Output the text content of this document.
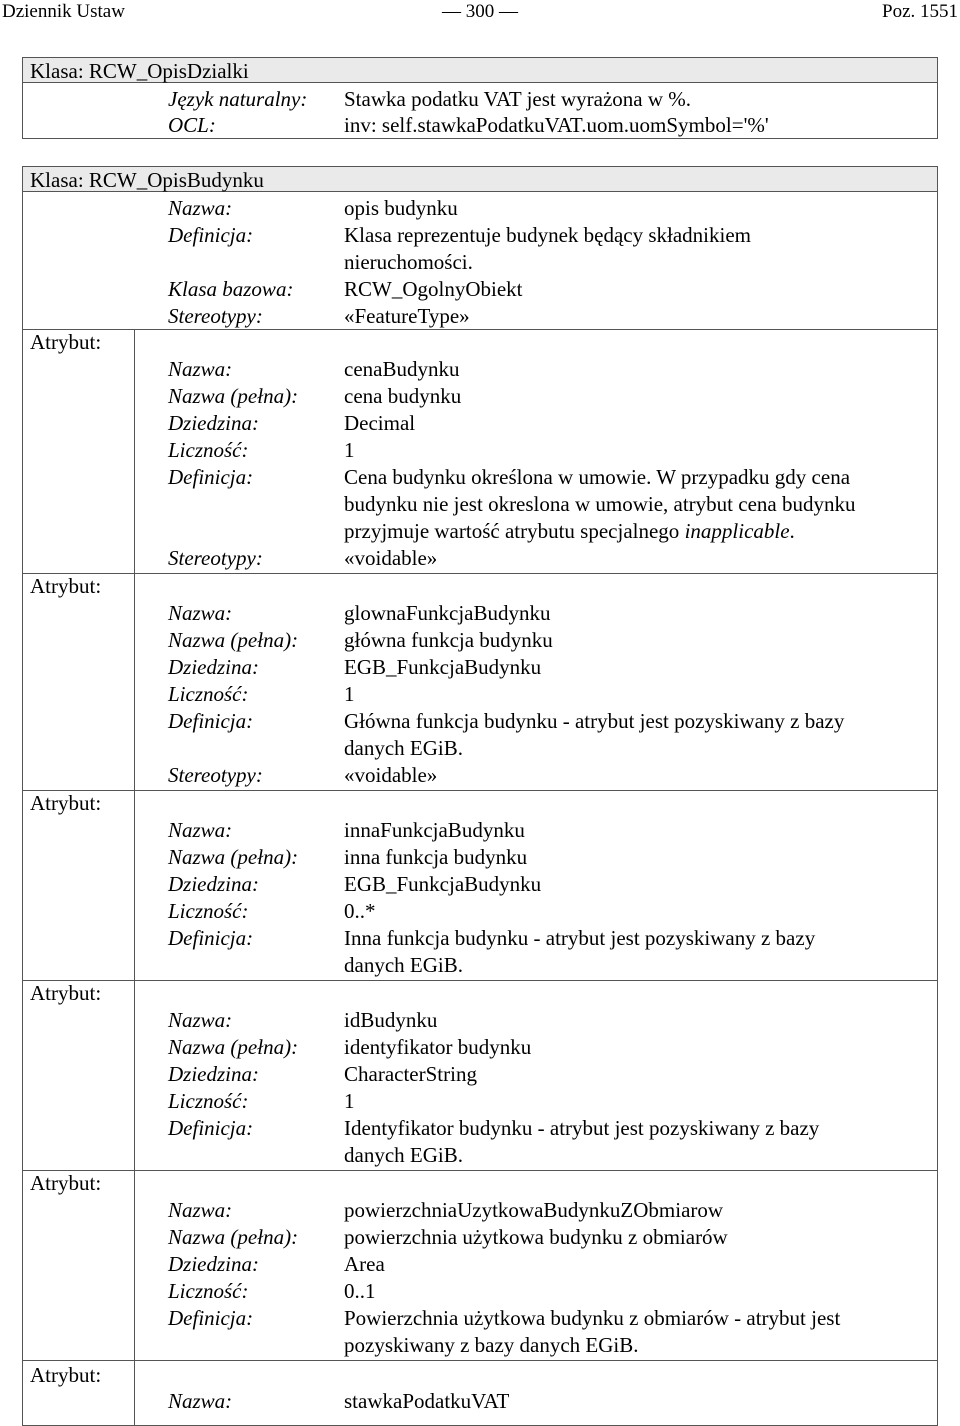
Dziennik Ustaw	— 300 —	Poz. 1551
Klasa: RCW_OpisDzialki
Język naturalny: Stawka podatku VAT jest wyrażona w %.
OCL:	inv: self.stawkaPodatkuVAT.uom.uomSymbol='%'
Klasa: RCW_OpisBudynku
Nazwa:	opis budynku
Definicja:	Klasa reprezentuje budynek będący składnikiem
nieruchomości.
Klasa bazowa: RCW_OgolnyObiekt
Stereotypy:	«FeatureType»
Atrybut:
Nazwa:	cenaBudynku
Nazwa (pełna): cena budynku
Dziedzina:	Decimal
Liczność:	1
Definicja:	Cena budynku określona w umowie. W przypadku gdy cena
budynku nie jest okreslona w umowie, atrybut cena budynku
przyjmuje wartość atrybutu specjalnego inapplicable.
Stereotypy:	«voidable»
Atrybut:
Nazwa:	glownaFunkcjaBudynku
Nazwa (pełna): główna funkcja budynku
Dziedzina:	EGB_FunkcjaBudynku
Liczność:	1
Definicja:	Główna funkcja budynku - atrybut jest pozyskiwany z bazy
danych EGiB.
Stereotypy:	«voidable»
Atrybut:
Nazwa:	innaFunkcjaBudynku
Nazwa (pełna): inna funkcja budynku
Dziedzina:	EGB_FunkcjaBudynku
Liczność:	0..*
Definicja:	Inna funkcja budynku - atrybut jest pozyskiwany z bazy
danych EGiB.
Atrybut:
Nazwa:	idBudynku
Nazwa (pełna): identyfikator budynku
Dziedzina:	CharacterString
Liczność:	1
Definicja:	Identyfikator budynku - atrybut jest pozyskiwany z bazy
danych EGiB.
Atrybut:
Nazwa:	powierzchniaUzytkowaBudynkuZObmiarow
Nazwa (pełna): powierzchnia użytkowa budynku z obmiarów
Dziedzina:	Area
Liczność:	0..1
Definicja:	Powierzchnia użytkowa budynku z obmiarów - atrybut jest
pozyskiwany z bazy danych EGiB.
Atrybut:
Nazwa:	stawkaPodatkuVAT
